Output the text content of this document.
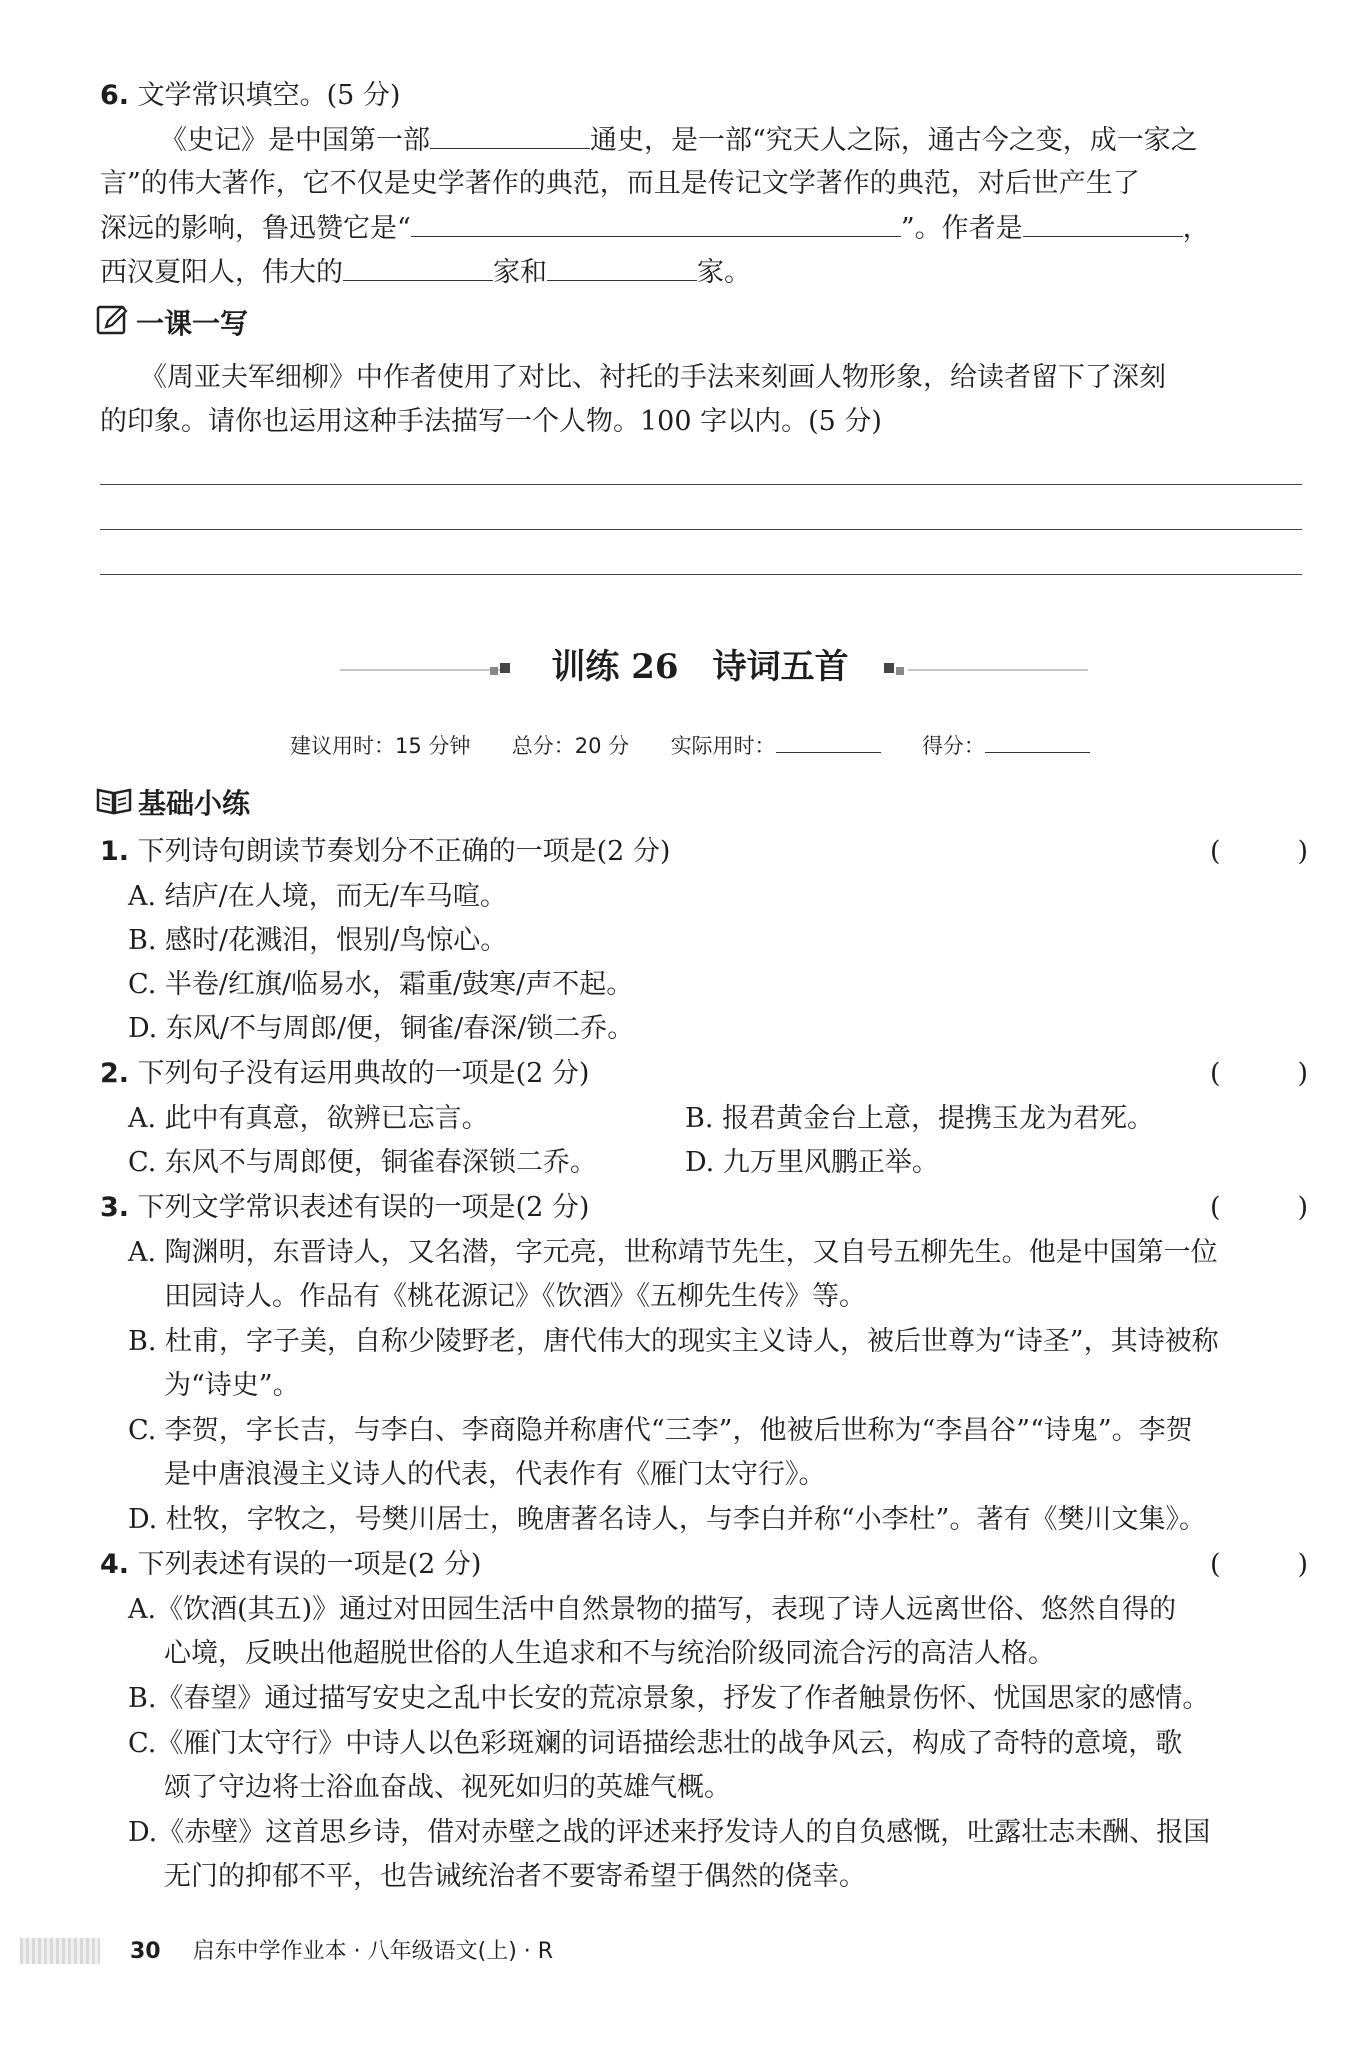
6. 文学常识填空。(5 分)
《史记》是中国第一部	通史，是一部“究天人之际，通古今之变，成一家之
言”的伟大著作，它不仅是史学著作的典范，而且是传记文学著作的典范，对后世产生了
深远的影响，鲁迅赞它是“	”。作者是	，
西汉夏阳人，伟大的	家和	家。
一课一写
《周亚夫军细柳》中作者使用了对比、衬托的手法来刻画人物形象，给读者留下了深刻
的印象。请你也运用这种手法描写一个人物。100 字以内。(5 分)
训练 26　诗词五首
建议用时：15 分钟 总分：20 分 实际用时：	得分：
基础小练
1. 下列诗句朗读节奏划分不正确的一项是(2 分)	(	)
A. 结庐/在人境，而无/车马喧。
B. 感时/花溅泪，恨别/鸟惊心。
C. 半卷/红旗/临易水，霜重/鼓寒/声不起。
D. 东风/不与周郎/便，铜雀/春深/锁二乔。
2. 下列句子没有运用典故的一项是(2 分)	(	)
A. 此中有真意，欲辨已忘言。	B. 报君黄金台上意，提携玉龙为君死。
C. 东风不与周郎便，铜雀春深锁二乔。	D. 九万里风鹏正举。
3. 下列文学常识表述有误的一项是(2 分)	(	)
A. 陶渊明，东晋诗人，又名潜，字元亮，世称靖节先生，又自号五柳先生。他是中国第一位
田园诗人。作品有《桃花源记》《饮酒》《五柳先生传》等。
B. 杜甫，字子美，自称少陵野老，唐代伟大的现实主义诗人，被后世尊为“诗圣”，其诗被称
为“诗史”。
C. 李贺，字长吉，与李白、李商隐并称唐代“三李”，他被后世称为“李昌谷”“诗鬼”。李贺
是中唐浪漫主义诗人的代表，代表作有《雁门太守行》。
D. 杜牧，字牧之，号樊川居士，晚唐著名诗人，与李白并称“小李杜”。著有《樊川文集》。
4. 下列表述有误的一项是(2 分)	(	)
A.《饮酒(其五)》通过对田园生活中自然景物的描写，表现了诗人远离世俗、悠然自得的
心境，反映出他超脱世俗的人生追求和不与统治阶级同流合污的高洁人格。
B.《春望》通过描写安史之乱中长安的荒凉景象，抒发了作者触景伤怀、忧国思家的感情。
C.《雁门太守行》中诗人以色彩斑斓的词语描绘悲壮的战争风云，构成了奇特的意境，歌
颂了守边将士浴血奋战、视死如归的英雄气概。
D.《赤壁》这首思乡诗，借对赤壁之战的评述来抒发诗人的自负感慨，吐露壮志未酬、报国
无门的抑郁不平，也告诫统治者不要寄希望于偶然的侥幸。
30 启东中学作业本 · 八年级语文(上) · R
